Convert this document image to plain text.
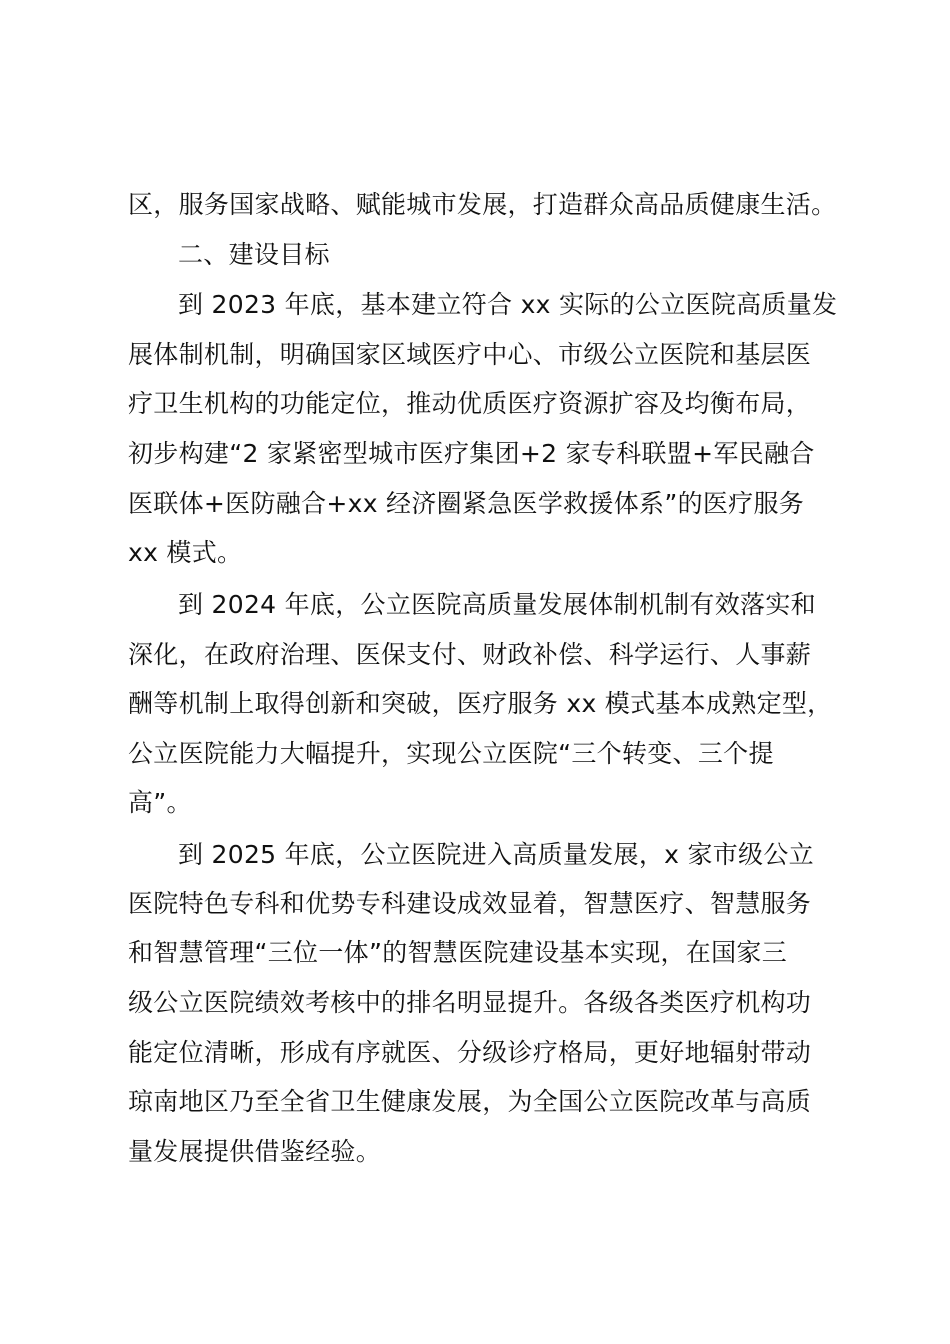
区，服务国家战略、赋能城市发展，打造群众高品质健康生活。
二、建设目标
到 2023 年底，基本建立符合 xx 实际的公立医院高质量发
展体制机制，明确国家区域医疗中心、市级公立医院和基层医
疗卫生机构的功能定位，推动优质医疗资源扩容及均衡布局，
初步构建“2 家紧密型城市医疗集团+2 家专科联盟+军民融合
医联体+医防融合+xx 经济圈紧急医学救援体系”的医疗服务
xx 模式。
到 2024 年底，公立医院高质量发展体制机制有效落实和
深化，在政府治理、医保支付、财政补偿、科学运行、人事薪
酬等机制上取得创新和突破，医疗服务 xx 模式基本成熟定型，
公立医院能力大幅提升，实现公立医院“三个转变、三个提
高”。
到 2025 年底，公立医院进入高质量发展，x 家市级公立
医院特色专科和优势专科建设成效显着，智慧医疗、智慧服务
和智慧管理“三位一体”的智慧医院建设基本实现，在国家三
级公立医院绩效考核中的排名明显提升。各级各类医疗机构功
能定位清晰，形成有序就医、分级诊疗格局，更好地辐射带动
琼南地区乃至全省卫生健康发展，为全国公立医院改革与高质
量发展提供借鉴经验。
